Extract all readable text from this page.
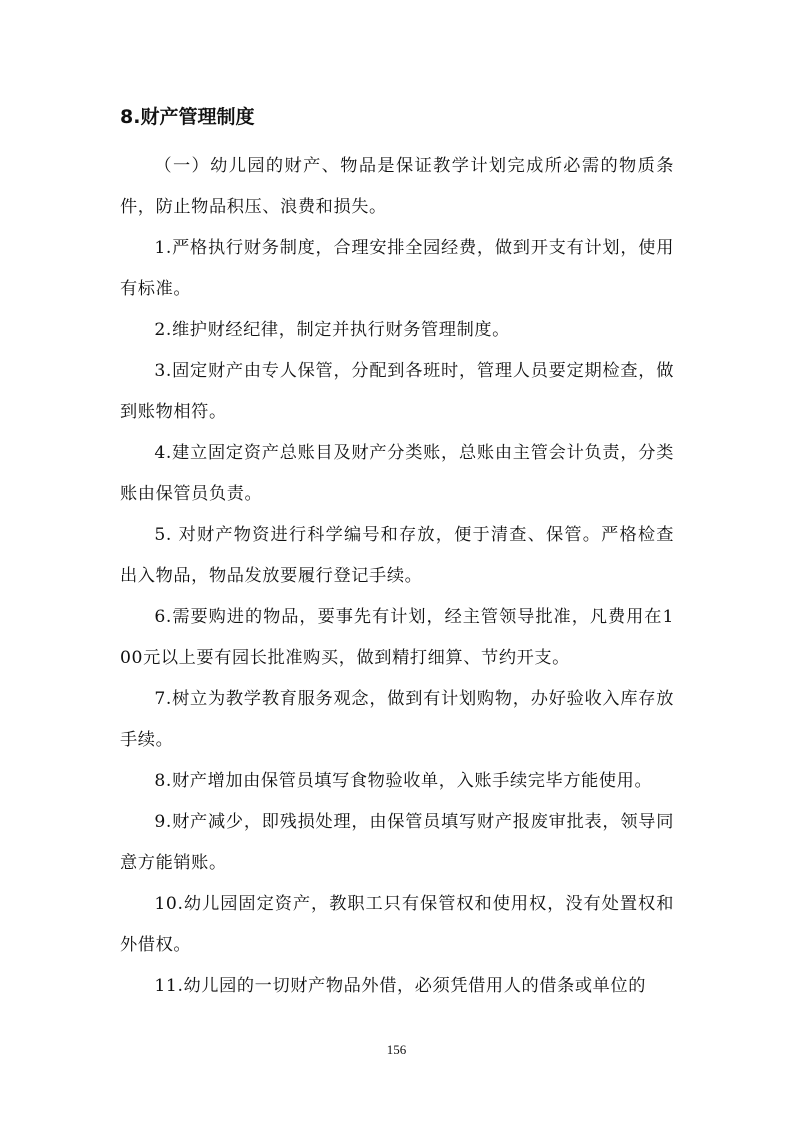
8.财产管理制度

（一）幼儿园的财产、物品是保证教学计划完成所必需的物质条件，防止物品积压、浪费和损失。

1.严格执行财务制度，合理安排全园经费，做到开支有计划，使用有标准。

2.维护财经纪律，制定并执行财务管理制度。

3.固定财产由专人保管，分配到各班时，管理人员要定期检查，做到账物相符。

4.建立固定资产总账目及财产分类账，总账由主管会计负责，分类账由保管员负责。

5. 对财产物资进行科学编号和存放，便于清查、保管。严格检查出入物品，物品发放要履行登记手续。

6.需要购进的物品，要事先有计划，经主管领导批准，凡费用在100元以上要有园长批准购买，做到精打细算、节约开支。

7.树立为教学教育服务观念，做到有计划购物，办好验收入库存放手续。

8.财产增加由保管员填写食物验收单，入账手续完毕方能使用。

9.财产减少，即残损处理，由保管员填写财产报废审批表，领导同意方能销账。

10.幼儿园固定资产，教职工只有保管权和使用权，没有处置权和外借权。

11.幼儿园的一切财产物品外借，必须凭借用人的借条或单位的

156
